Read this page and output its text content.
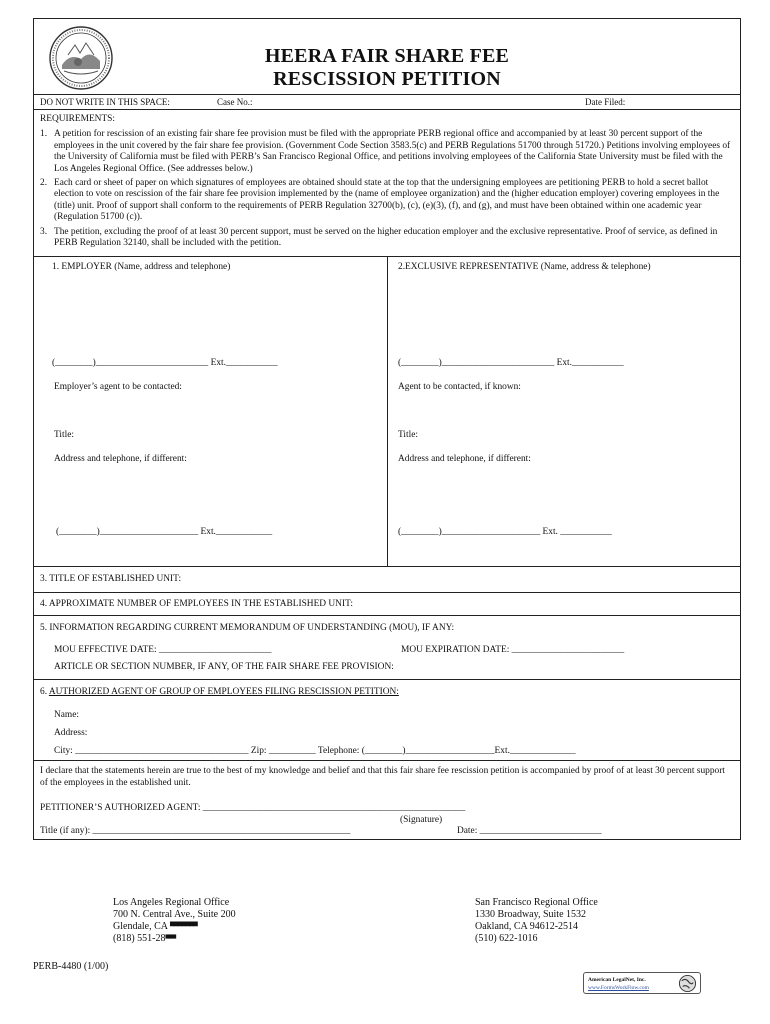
HEERA FAIR SHARE FEE
RESCISSION PETITION
DO NOT WRITE IN THIS SPACE:	Case No.:	Date Filed:
REQUIREMENTS:
1. A petition for rescission of an existing fair share fee provision must be filed with the appropriate PERB regional office and accompanied by at least 30 percent support of the employees in the unit covered by the fair share fee provision. (Government Code Section 3583.5(c) and PERB Regulations 51700 through 51720.) Petitions involving employees of the University of California must be filed with PERB’s San Francisco Regional Office, and petitions involving employees of the California State University must be filed with the Los Angeles Regional Office. (See addresses below.)
2. Each card or sheet of paper on which signatures of employees are obtained should state at the top that the undersigning employees are petitioning PERB to hold a secret ballot election to vote on rescission of the fair share fee provision implemented by the (name of employee organization) and the (higher education employer) covering employees in the (title) unit. Proof of support shall conform to the requirements of PERB Regulation 32700(b), (c), (e)(3), (f), and (g), and must have been obtained within one academic year (Regulation 51700 (c)).
3. The petition, excluding the proof of at least 30 percent support, must be served on the higher education employer and the exclusive representative. Proof of service, as defined in PERB Regulation 32140, shall be included with the petition.
1. EMPLOYER (Name, address and telephone)
(________)________________________ Ext.___________
Employer’s agent to be contacted:
Title:
Address and telephone, if different:
(________)_____________________ Ext.____________
2.EXCLUSIVE REPRESENTATIVE (Name, address & telephone)
(________)________________________ Ext.___________
Agent to be contacted, if known:
Title:
Address and telephone, if different:
(________)_____________________ Ext. ___________
3. TITLE OF ESTABLISHED UNIT:
4. APPROXIMATE NUMBER OF EMPLOYEES IN THE ESTABLISHED UNIT:
5. INFORMATION REGARDING CURRENT MEMORANDUM OF UNDERSTANDING (MOU), IF ANY:
MOU EFFECTIVE DATE: ________________________	MOU EXPIRATION DATE: ________________________
ARTICLE OR SECTION NUMBER, IF ANY, OF THE FAIR SHARE FEE PROVISION:
6. AUTHORIZED AGENT OF GROUP OF EMPLOYEES FILING RESCISSION PETITION:
Name:
Address:
City: _____________________________________ Zip: __________ Telephone: (________)___________________Ext.______________
I declare that the statements herein are true to the best of my knowledge and belief and that this fair share fee rescission petition is accompanied by proof of at least 30 percent support of the employees in the established unit.
PETITIONER’S AUTHORIZED AGENT: ________________________________________________________
(Signature)
Title (if any): _______________________________________________________	Date: __________________________
Los Angeles Regional Office
700 N. Central Ave., Suite 200
Glendale, CA ▀▀▀▀▀▀▀
(818) 551-28▀▀▀
San Francisco Regional Office
1330 Broadway, Suite 1532
Oakland, CA 94612-2514
(510) 622-1016
PERB-4480 (1/00)
American LegalNet, Inc.
www.FormsWorkFlow.com
